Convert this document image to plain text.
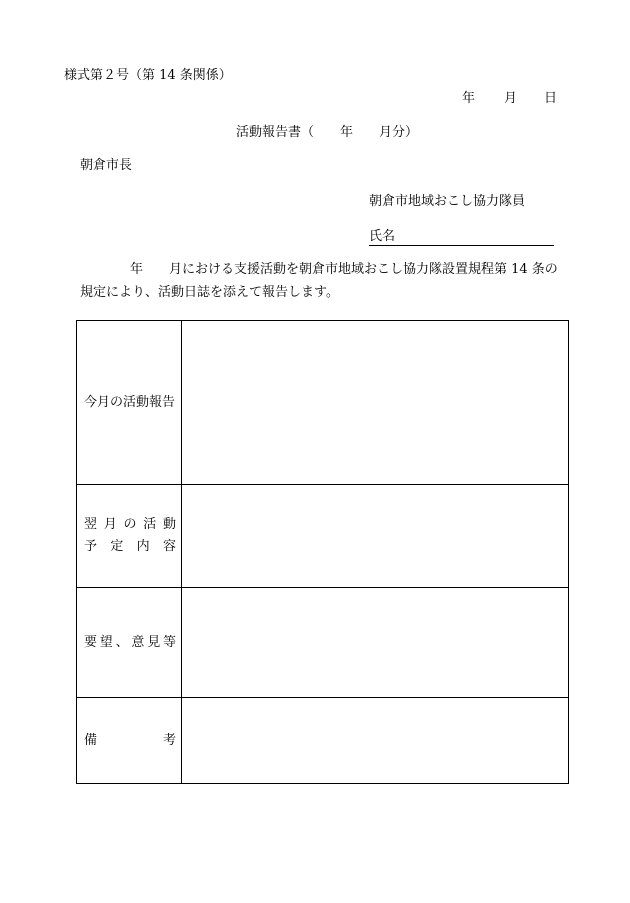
様式第２号（第 14 条関係）
年 月 日
活動報告書（　　年　　月分）
朝倉市長
朝倉市地域おこし協力隊員
氏名
年　　月における支援活動を朝倉市地域おこし協力隊設置規程第 14 条の
規定により、活動日誌を添えて報告します。
今月の活動報告	

翌月の活動
予定内容	

要望、意見等	

備 考	
